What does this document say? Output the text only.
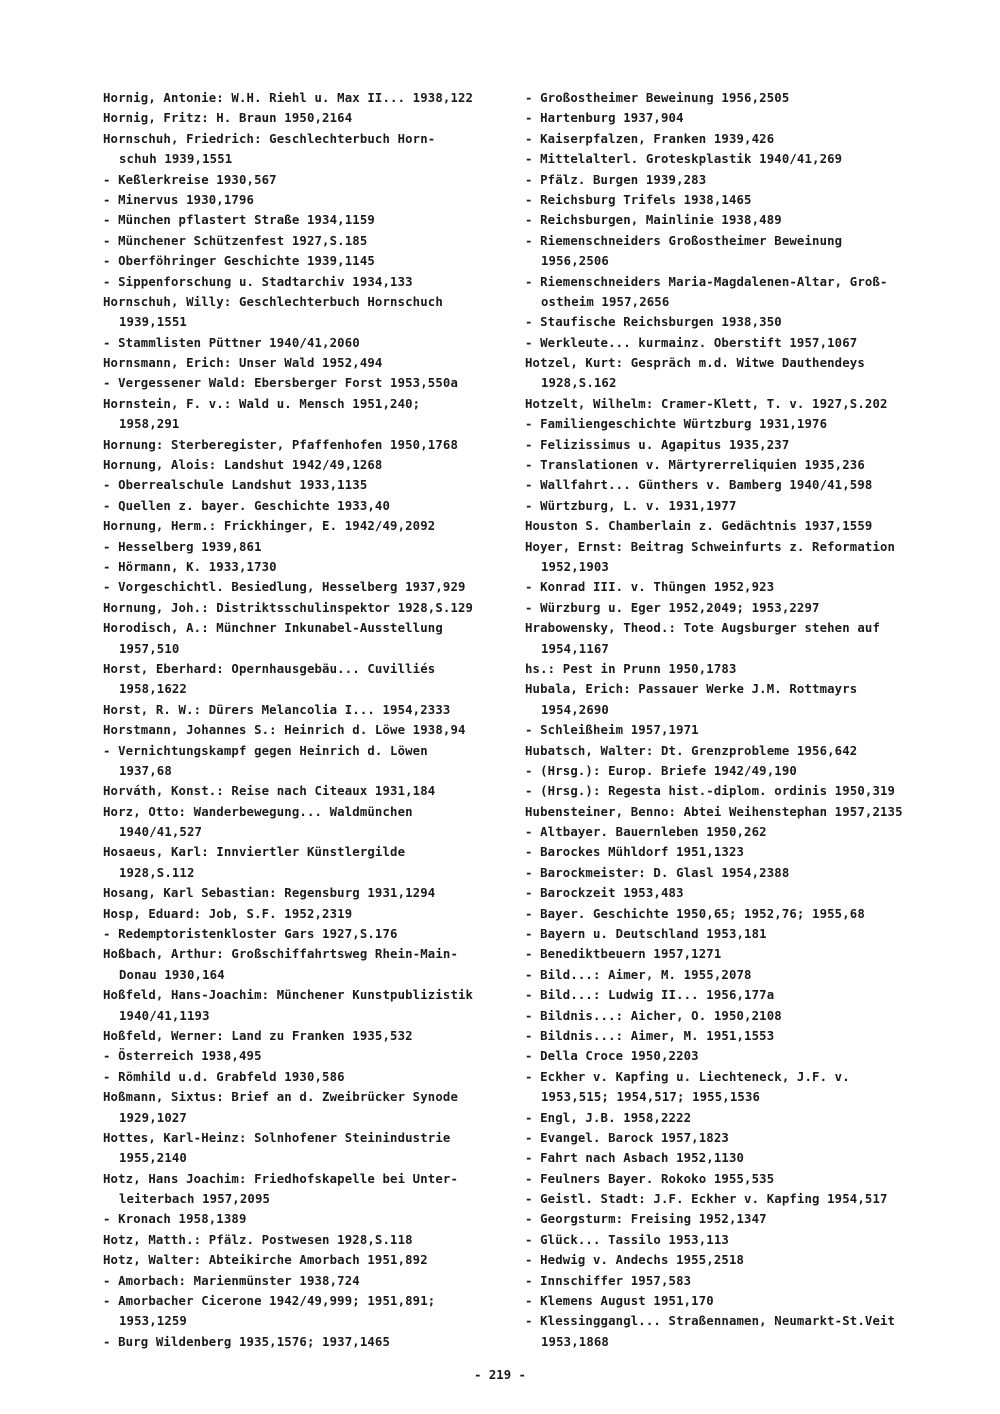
Hornig, Antonie: W.H. Riehl u. Max II... 1938,122
Hornig, Fritz: H. Braun 1950,2164
Hornschuh, Friedrich: Geschlechterbuch Horn-
schuh 1939,1551
- Keßlerkreise 1930,567
- Minervus 1930,1796
- München pflastert Straße 1934,1159
- Münchener Schützenfest 1927,S.185
- Oberföhringer Geschichte 1939,1145
- Sippenforschung u. Stadtarchiv 1934,133
Hornschuh, Willy: Geschlechterbuch Hornschuch
1939,1551
- Stammlisten Püttner 1940/41,2060
Hornsmann, Erich: Unser Wald 1952,494
- Vergessener Wald: Ebersberger Forst 1953,550a
Hornstein, F. v.: Wald u. Mensch 1951,240;
1958,291
Hornung: Sterberegister, Pfaffenhofen 1950,1768
Hornung, Alois: Landshut 1942/49,1268
- Oberrealschule Landshut 1933,1135
- Quellen z. bayer. Geschichte 1933,40
Hornung, Herm.: Frickhinger, E. 1942/49,2092
- Hesselberg 1939,861
- Hörmann, K. 1933,1730
- Vorgeschichtl. Besiedlung, Hesselberg 1937,929
Hornung, Joh.: Distriktsschulinspektor 1928,S.129
Horodisch, A.: Münchner Inkunabel-Ausstellung
1957,510
Horst, Eberhard: Opernhausgebäu... Cuvilliés
1958,1622
Horst, R. W.: Dürers Melancolia I... 1954,2333
Horstmann, Johannes S.: Heinrich d. Löwe 1938,94
- Vernichtungskampf gegen Heinrich d. Löwen
1937,68
Horváth, Konst.: Reise nach Citeaux 1931,184
Horz, Otto: Wanderbewegung... Waldmünchen
1940/41,527
Hosaeus, Karl: Innviertler Künstlergilde
1928,S.112
Hosang, Karl Sebastian: Regensburg 1931,1294
Hosp, Eduard: Job, S.F. 1952,2319
- Redemptoristenkloster Gars 1927,S.176
Hoßbach, Arthur: Großschiffahrtsweg Rhein-Main-
Donau 1930,164
Hoßfeld, Hans-Joachim: Münchener Kunstpublizistik
1940/41,1193
Hoßfeld, Werner: Land zu Franken 1935,532
- Österreich 1938,495
- Römhild u.d. Grabfeld 1930,586
Hoßmann, Sixtus: Brief an d. Zweibrücker Synode
1929,1027
Hottes, Karl-Heinz: Solnhofener Steinindustrie
1955,2140
Hotz, Hans Joachim: Friedhofskapelle bei Unter-
leiterbach 1957,2095
- Kronach 1958,1389
Hotz, Matth.: Pfälz. Postwesen 1928,S.118
Hotz, Walter: Abteikirche Amorbach 1951,892
- Amorbach: Marienmünster 1938,724
- Amorbacher Cicerone 1942/49,999; 1951,891;
1953,1259
- Burg Wildenberg 1935,1576; 1937,1465
- Großostheimer Beweinung 1956,2505
- Hartenburg 1937,904
- Kaiserpfalzen, Franken 1939,426
- Mittelalterl. Groteskplastik 1940/41,269
- Pfälz. Burgen 1939,283
- Reichsburg Trifels 1938,1465
- Reichsburgen, Mainlinie 1938,489
- Riemenschneiders Großostheimer Beweinung
1956,2506
- Riemenschneiders Maria-Magdalenen-Altar, Groß-
ostheim 1957,2656
- Staufische Reichsburgen 1938,350
- Werkleute... kurmainz. Oberstift 1957,1067
Hotzel, Kurt: Gespräch m.d. Witwe Dauthendeys
1928,S.162
Hotzelt, Wilhelm: Cramer-Klett, T. v. 1927,S.202
- Familiengeschichte Würtzburg 1931,1976
- Felizissimus u. Agapitus 1935,237
- Translationen v. Märtyrerreliquien 1935,236
- Wallfahrt... Günthers v. Bamberg 1940/41,598
- Würtzburg, L. v. 1931,1977
Houston S. Chamberlain z. Gedächtnis 1937,1559
Hoyer, Ernst: Beitrag Schweinfurts z. Reformation
1952,1903
- Konrad III. v. Thüngen 1952,923
- Würzburg u. Eger 1952,2049; 1953,2297
Hrabowensky, Theod.: Tote Augsburger stehen auf
1954,1167
hs.: Pest in Prunn 1950,1783
Hubala, Erich: Passauer Werke J.M. Rottmayrs
1954,2690
- Schleißheim 1957,1971
Hubatsch, Walter: Dt. Grenzprobleme 1956,642
- (Hrsg.): Europ. Briefe 1942/49,190
- (Hrsg.): Regesta hist.-diplom. ordinis 1950,319
Hubensteiner, Benno: Abtei Weihenstephan 1957,2135
- Altbayer. Bauernleben 1950,262
- Barockes Mühldorf 1951,1323
- Barockmeister: D. Glasl 1954,2388
- Barockzeit 1953,483
- Bayer. Geschichte 1950,65; 1952,76; 1955,68
- Bayern u. Deutschland 1953,181
- Benediktbeuern 1957,1271
- Bild...: Aimer, M. 1955,2078
- Bild...: Ludwig II... 1956,177a
- Bildnis...: Aicher, O. 1950,2108
- Bildnis...: Aimer, M. 1951,1553
- Della Croce 1950,2203
- Eckher v. Kapfing u. Liechteneck, J.F. v.
1953,515; 1954,517; 1955,1536
- Engl, J.B. 1958,2222
- Evangel. Barock 1957,1823
- Fahrt nach Asbach 1952,1130
- Feulners Bayer. Rokoko 1955,535
- Geistl. Stadt: J.F. Eckher v. Kapfing 1954,517
- Georgsturm: Freising 1952,1347
- Glück... Tassilo 1953,113
- Hedwig v. Andechs 1955,2518
- Innschiffer 1957,583
- Klemens August 1951,170
- Klessinggangl... Straßennamen, Neumarkt-St.Veit
1953,1868
- 219 -
